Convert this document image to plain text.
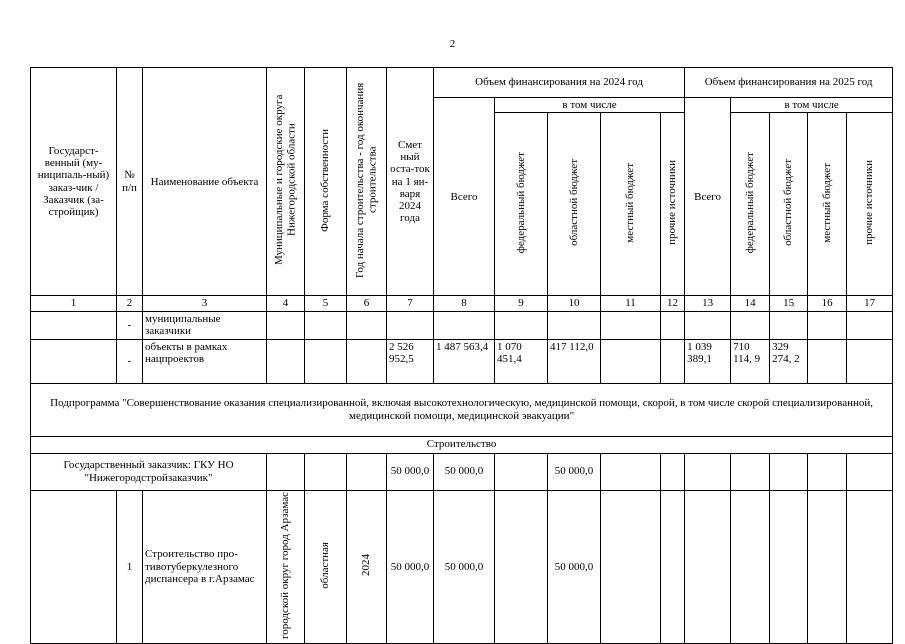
2
Государст-венный (му-ниципаль-ный) заказ-чик / Заказчик (за-стройщик)	№ п/п	Наименование объекта	Муниципальные и городские округа Нижегородской области	Форма собственности	Год начала строительства - год окончания строительства	Смет ный оста-ток на 1 ян-варя 2024 года	Объем финансирования на 2024 год					Объем финансирования на 2025 год				
							Всего	в том числе				Всего	в том числе			
								федеральный бюджет	областной бюджет	местный бюджет	прочие источники		федеральный бюджет	областной бюджет	местный бюджет	прочие источники
1	2	3	4	5	6	7	8	9	10	11	12	13	14	15	16	17
	-	муниципальные заказчики														
	-	объекты в рамках нацпроектов				2 526 952,5	1 487 563,4	1 070 451,4	417 112,0			1 039 389,1	710 114, 9	329 274, 2		
Подпрограмма "Совершенствование оказания специализированной, включая высокотехнологическую, медицинской помощи, скорой, в том числе скорой специализированной, медицинской помощи, медицинской эвакуации"																
Строительство																
Государственный заказчик: ГКУ НО "Нижегородстройзаказчик"						50 000,0	50 000,0		50 000,0							
	1	Строительство про-тивотуберкулезного диспансера в г.Арзамас	городской округ город Арзамас	областная	2024	50 000,0	50 000,0		50 000,0							
